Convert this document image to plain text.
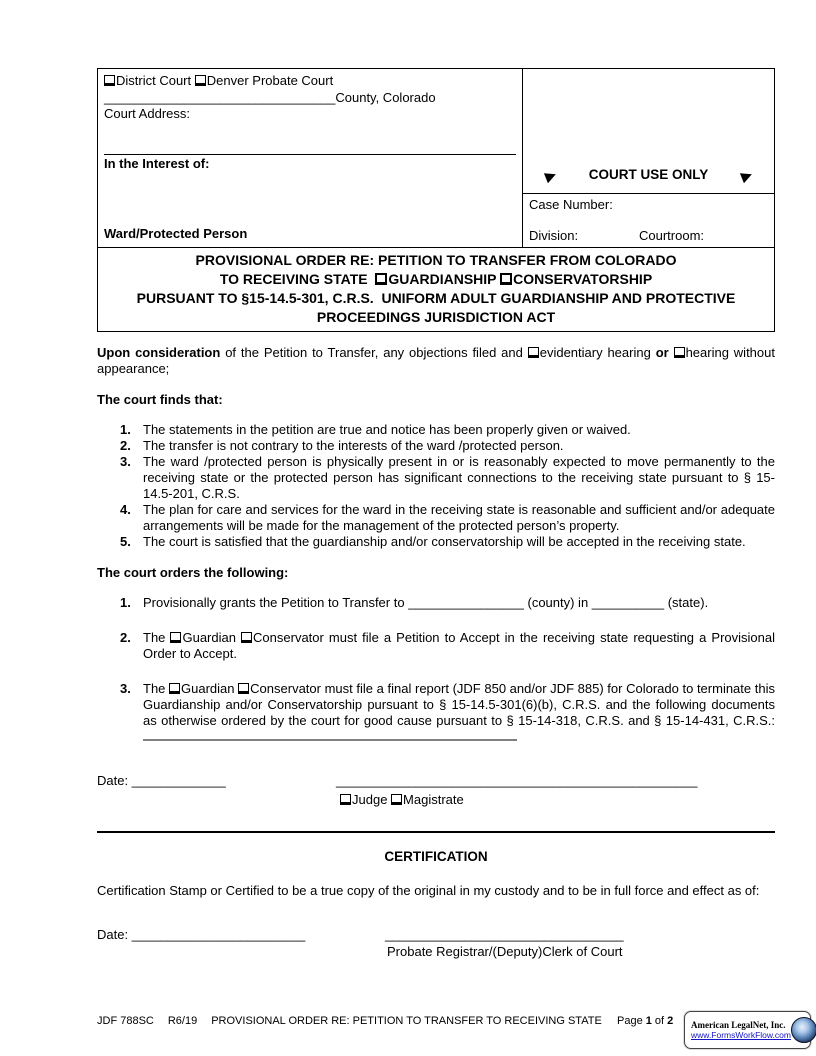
District Court Denver Probate Court
________________________________County, Colorado
Court Address:
In the Interest of:
Ward/Protected Person
▶	COURT USE ONLY	▶
Case Number:
Division:	Courtroom:
PROVISIONAL ORDER RE: PETITION TO TRANSFER FROM COLORADO
TO RECEIVING STATE  GUARDIANSHIP CONSERVATORSHIP
PURSUANT TO §15-14.5-301, C.R.S.  UNIFORM ADULT GUARDIANSHIP AND PROTECTIVE
PROCEEDINGS JURISDICTION ACT
Upon consideration of the Petition to Transfer, any objections filed and evidentiary hearing or hearing without appearance;
The court finds that:
1. The statements in the petition are true and notice has been properly given or waived.
2. The transfer is not contrary to the interests of the ward /protected person.
3. The ward /protected person is physically present in or is reasonably expected to move permanently to the receiving state or the protected person has significant connections to the receiving state pursuant to § 15-14.5-201, C.R.S.
4. The plan for care and services for the ward in the receiving state is reasonable and sufficient and/or adequate arrangements will be made for the management of the protected person’s property.
5. The court is satisfied that the guardianship and/or conservatorship will be accepted in the receiving state.
The court orders the following:
1. Provisionally grants the Petition to Transfer to ________________ (county) in __________ (state).
2. The Guardian Conservator must file a Petition to Accept in the receiving state requesting a Provisional Order to Accept.
3. The Guardian Conservator must file a final report (JDF 850 and/or JDF 885) for Colorado to terminate this Guardianship and/or Conservatorship pursuant to § 15-14.5-301(6)(b), C.R.S. and the following documents as otherwise ordered by the court for good cause pursuant to § 15-14-318, C.R.S. and § 15-14-431, C.R.S.:
Date: _____________	__________________________________________________
Judge Magistrate
CERTIFICATION
Certification Stamp or Certified to be a true copy of the original in my custody and to be in full force and effect as of:
Date: ________________________	_________________________________
Probate Registrar/(Deputy)Clerk of Court
JDF 788SC R6/19 PROVISIONAL ORDER RE: PETITION TO TRANSFER TO RECEIVING STATE Page 1 of 2 American LegalNet, Inc.
www.FormsWorkFlow.com
